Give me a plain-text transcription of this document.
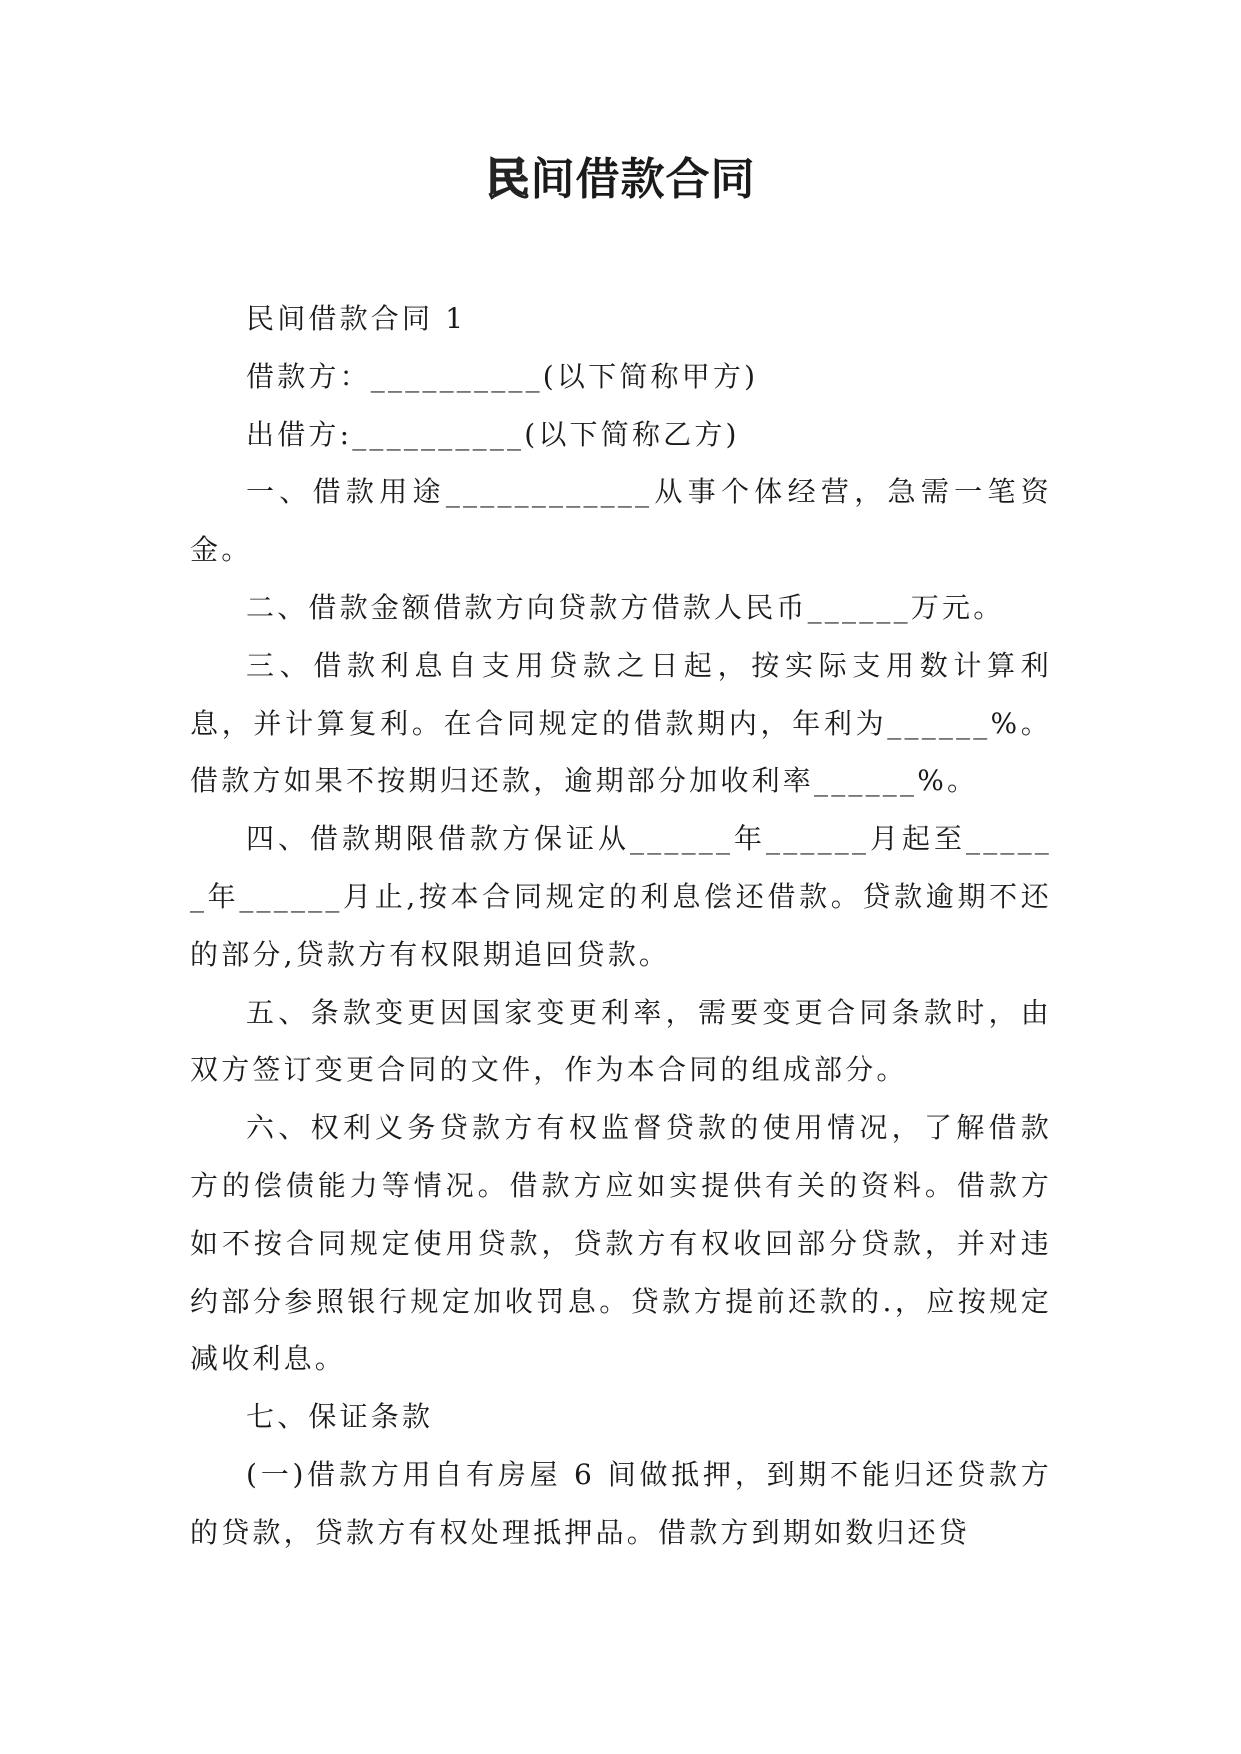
民间借款合同

民间借款合同 1

借款方：__________(以下简称甲方)

出借方:__________(以下简称乙方)

一、借款用途____________从事个体经营，急需一笔资金。

二、借款金额借款方向贷款方借款人民币______万元。

三、借款利息自支用贷款之日起，按实际支用数计算利息，并计算复利。在合同规定的借款期内，年利为______%。借款方如果不按期归还款，逾期部分加收利率______%。

四、借款期限借款方保证从______年______月起至______年______月止,按本合同规定的利息偿还借款。贷款逾期不还的部分,贷款方有权限期追回贷款。

五、条款变更因国家变更利率，需要变更合同条款时，由双方签订变更合同的文件，作为本合同的组成部分。

六、权利义务贷款方有权监督贷款的使用情况，了解借款方的偿债能力等情况。借款方应如实提供有关的资料。借款方如不按合同规定使用贷款，贷款方有权收回部分贷款，并对违约部分参照银行规定加收罚息。贷款方提前还款的.，应按规定减收利息。

七、保证条款

(一)借款方用自有房屋 6 间做抵押，到期不能归还贷款方的贷款，贷款方有权处理抵押品。借款方到期如数归还贷
